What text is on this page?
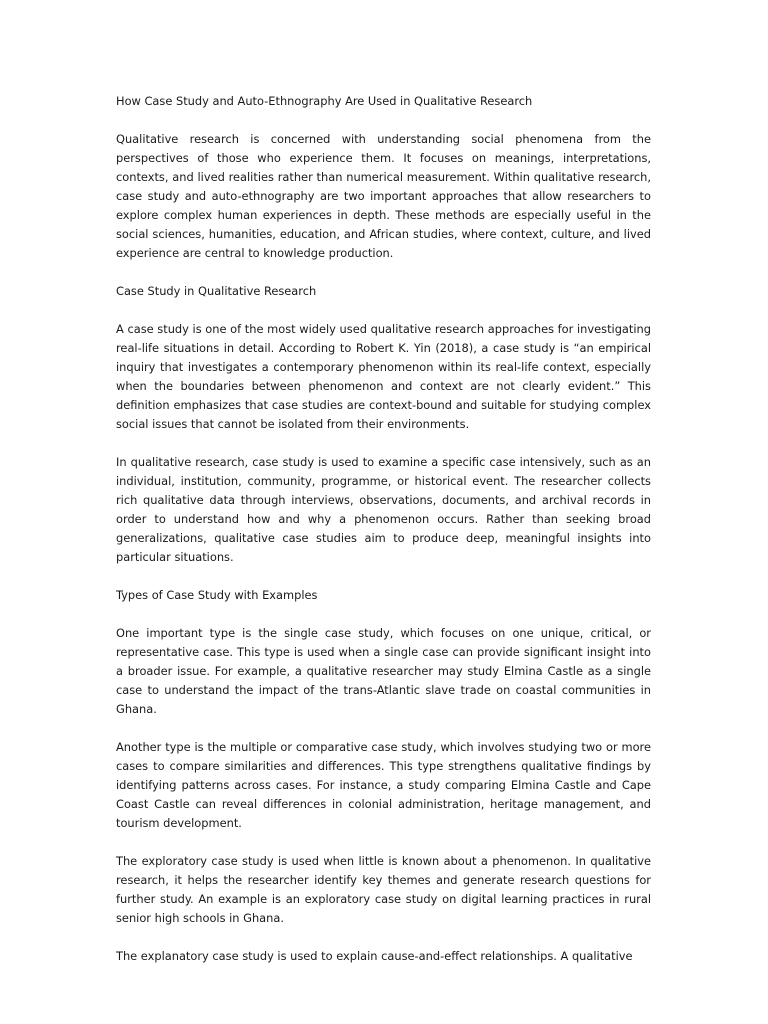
How Case Study and Auto-Ethnography Are Used in Qualitative Research

Qualitative research is concerned with understanding social phenomena from the perspectives of those who experience them. It focuses on meanings, interpretations, contexts, and lived realities rather than numerical measurement. Within qualitative research, case study and auto-ethnography are two important approaches that allow researchers to explore complex human experiences in depth. These methods are especially useful in the social sciences, humanities, education, and African studies, where context, culture, and lived experience are central to knowledge production.

Case Study in Qualitative Research

A case study is one of the most widely used qualitative research approaches for investigating real-life situations in detail. According to Robert K. Yin (2018), a case study is “an empirical inquiry that investigates a contemporary phenomenon within its real-life context, especially when the boundaries between phenomenon and context are not clearly evident.” This definition emphasizes that case studies are context-bound and suitable for studying complex social issues that cannot be isolated from their environments.

In qualitative research, case study is used to examine a specific case intensively, such as an individual, institution, community, programme, or historical event. The researcher collects rich qualitative data through interviews, observations, documents, and archival records in order to understand how and why a phenomenon occurs. Rather than seeking broad generalizations, qualitative case studies aim to produce deep, meaningful insights into particular situations.

Types of Case Study with Examples

One important type is the single case study, which focuses on one unique, critical, or representative case. This type is used when a single case can provide significant insight into a broader issue. For example, a qualitative researcher may study Elmina Castle as a single case to understand the impact of the trans-Atlantic slave trade on coastal communities in Ghana.

Another type is the multiple or comparative case study, which involves studying two or more cases to compare similarities and differences. This type strengthens qualitative findings by identifying patterns across cases. For instance, a study comparing Elmina Castle and Cape Coast Castle can reveal differences in colonial administration, heritage management, and tourism development.

The exploratory case study is used when little is known about a phenomenon. In qualitative research, it helps the researcher identify key themes and generate research questions for further study. An example is an exploratory case study on digital learning practices in rural senior high schools in Ghana.

The explanatory case study is used to explain cause-and-effect relationships. A qualitative
